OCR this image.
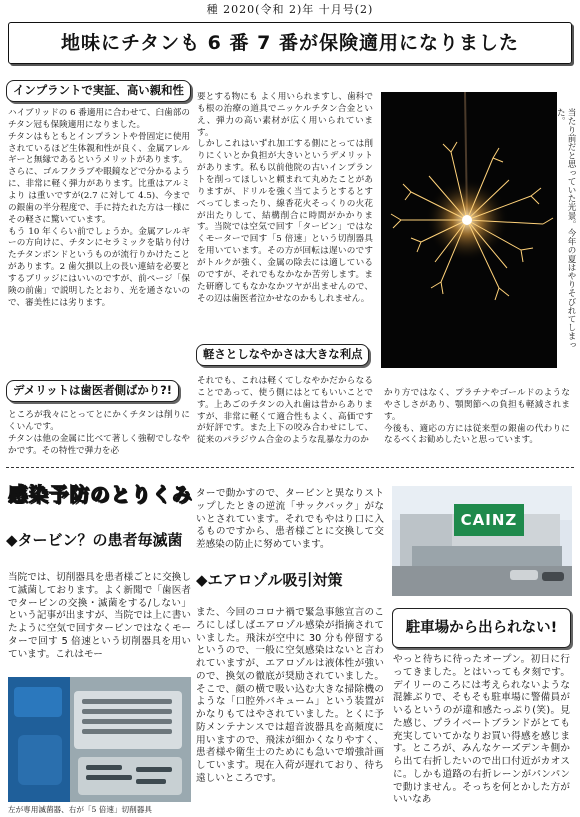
種 2020(令和 2)年 十月号(2)
地味にチタンも 6 番 7 番が保険適用になりました
インプラントで実証、高い親和性

ハイブリッドの 6 番適用に合わせて、臼歯部のチタン冠も保険適用になりました。

チタンはもともとインプラントや骨固定に使用されているほど生体親和性が良く、金属アレルギーと無縁であるというメリットがあります。

さらに、ゴルフクラブや眼鏡などで分かるように、非常に軽く弾力があります。比重はアルミより は重いですが(2.7 に対して 4.5)、今までの銀歯の半分程度で、手に持たれた方は一様にその軽さに驚いています。

もう 10 年くらい前でしょうか。金属アレルギーの方向けに、チタンにセラミックを貼り付けたチタンボンドというものが流行りかけたことがあります。2 歯欠損以上の長い連結を必要とするブリッジにはいいのですが、前ページ「保険の前歯」で説明したとおり、光を通さないので、審美性には劣ります。

デメリットは歯医者側ばかり?!

ところが我々にとってとにかくチタンは削りにくいんです。

チタンは他の金属に比べて著しく強靭でしなやかです。その特性で弾力を必

要とする物にも よく用いられますし、歯科でも根の治療の道具でニッケルチタン合金といえ、弾力の高い素材が広く用いられています。

しかしこれはいずれ加工する側にとっては削りにくいとか負担が大きいというデメリットがあります。私も以前他院の古いインプラントを削ってほしいと頼まれて丸めたことがありますが、ドリルを強く当てようとするとすべってしまったり、線香花火そっくりの火花が出たりして、結構削合に時間がかかります。当院では空気で回す「タービン」ではなくモーターで回す「5 倍速」という切削器具を用いています。その方が回転は遅いのですがトルクが強く、金属の除去には適しているのですが、それでもなかなか苦労します。また研磨してもなかなかツヤが出ませんので、その辺は歯医者泣かせなのかもしれません。

軽さとしなやかさは大きな利点
それでも、これは軽くてしなやかだからなることであって、使う側にはとてもいいことです。上あごのチタンの入れ歯は昔からありますが、非常に軽くて適合性もよく、高価ですが好評です。また上下の咬み合わせにして、従来のパラジウム合金のような乱暴な力のか
かり方ではなく、プラチナやゴールドのようなやさしさがあり、顎関節への負担も軽減されます。
今後も、適応の方には従来型の銀歯の代わりになるべくお勧めしたいと思っています。
当たり前だと思っていた光景。今年の夏はやりそびれてしまった。
感染予防のとりくみ
◆タービン？の患者毎滅菌
当院では、切削器具を患者様ごとに交換して滅菌しております。よく新聞で「歯医者でタービンの交換・滅菌をする/しない」という記事が出ますが、当院では上に書いたように空気で回すタービンではなくモーターで回す 5 倍速という切削器具を用いています。これはモー
ターで動かすので、タービンと異なりストップしたときの逆流「サックバック」がないとされています。それでもやはり口に入るものですから、患者様ごとに交換して交差感染の防止に努めています。
◆エアロゾル吸引対策
また、今回のコロナ禍で緊急事態宣言のころにしばしばエアロゾル感染が指摘されていました。飛沫が空中に 30 分も停留するというので、一般に空気感染はないと言われていますが、エアロゾルは液体性が強いので、換気の徹底が奨励されていました。そこで、顔の横で吸い込む大きな掃除機のような「口腔外バキューム」という装置がかなりもてはやされていました。とくに予防メンテナンスでは超音波器具を高頻度に用いますので、飛沫が細かくなりやすく、患者様や衛生士のためにも急いで増強計画しています。現在入荷が遅れており、待ち遠しいところです。
左が専用滅菌器、右が「5 倍速」切削器具
CAINZ
駐車場から出られない!
やっと待ちに待ったオープン。初日に行ってきました。とはいってもタ刻です。デイリーのころには考えられないような混雑ぶりで、そもそも駐車場に警備員がいるというのが違和感たっぷり(笑)。見た感じ、プライベートブランドがとても充実していてかなりお買い得感を感じます。ところが、みんなケーズデンキ側から出て右折したいので出口付近がカオスに。しかも道路の右折レーンがパンパンで動けません。そっちを何とかした方がいいなあ
